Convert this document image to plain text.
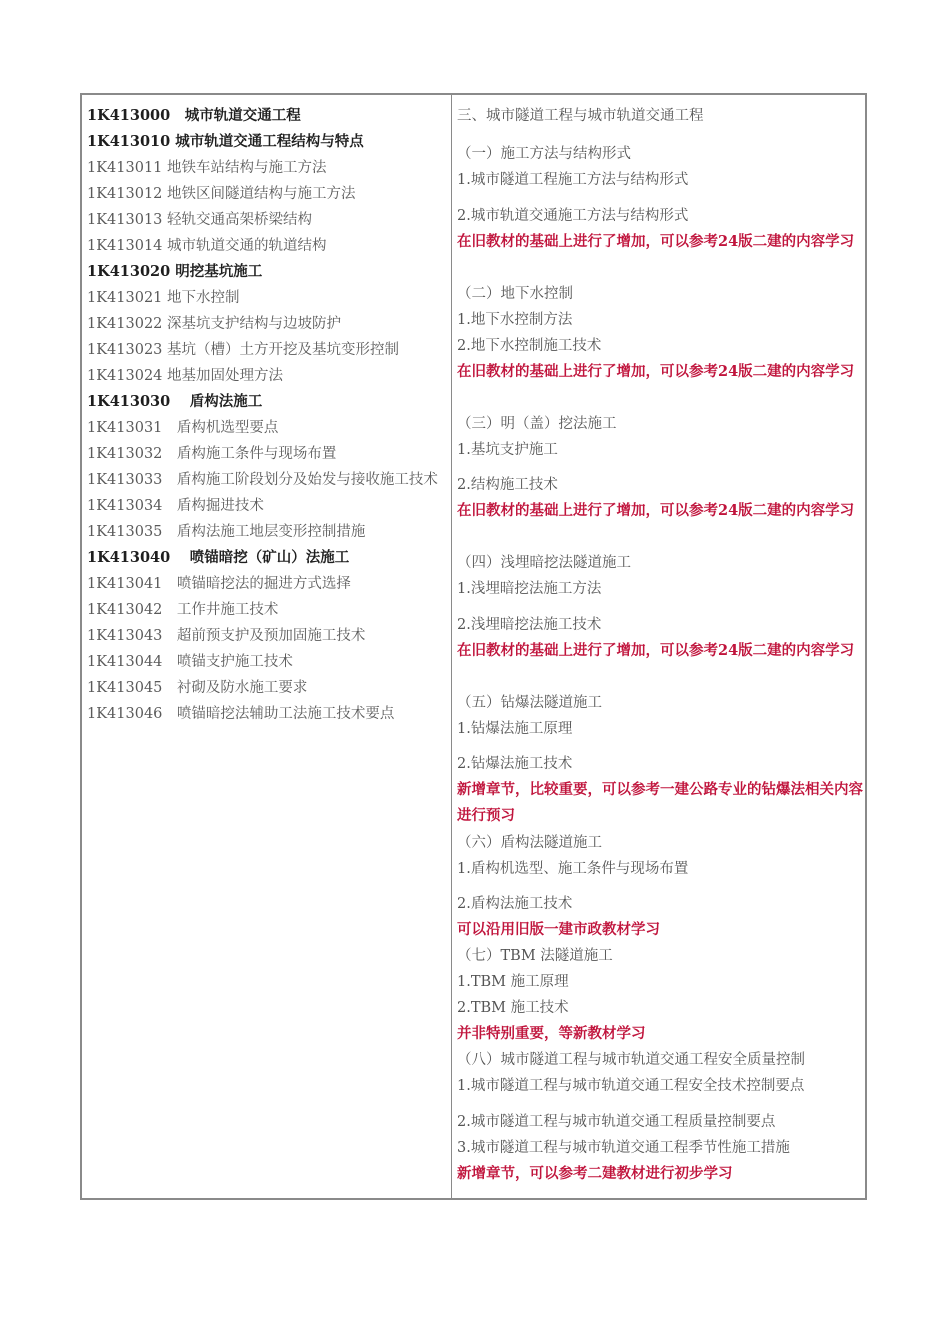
1K413000　城市轨道交通工程
1K413010 城市轨道交通工程结构与特点
1K413011 地铁车站结构与施工方法
1K413012 地铁区间隧道结构与施工方法
1K413013 轻轨交通高架桥梁结构
1K413014 城市轨道交通的轨道结构
1K413020 明挖基坑施工
1K413021 地下水控制
1K413022 深基坑支护结构与边坡防护
1K413023 基坑（槽）土方开挖及基坑变形控制
1K413024 地基加固处理方法
1K413030　 盾构法施工
1K413031　盾构机选型要点
1K413032　盾构施工条件与现场布置
1K413033　盾构施工阶段划分及始发与接收施工技术
1K413034　盾构掘进技术
1K413035　盾构法施工地层变形控制措施
1K413040　 喷锚暗挖（矿山）法施工
1K413041　喷锚暗挖法的掘进方式选择
1K413042　工作井施工技术
1K413043　超前预支护及预加固施工技术
1K413044　喷锚支护施工技术
1K413045　衬砌及防水施工要求
1K413046　喷锚暗挖法辅助工法施工技术要点
三、城市隧道工程与城市轨道交通工程
（一）施工方法与结构形式
1.城市隧道工程施工方法与结构形式
2.城市轨道交通施工方法与结构形式
在旧教材的基础上进行了增加，可以参考24版二建的内容学习
（二）地下水控制
1.地下水控制方法
2.地下水控制施工技术
在旧教材的基础上进行了增加，可以参考24版二建的内容学习
（三）明（盖）挖法施工
1.基坑支护施工
2.结构施工技术
在旧教材的基础上进行了增加，可以参考24版二建的内容学习
（四）浅埋暗挖法隧道施工
1.浅埋暗挖法施工方法
2.浅埋暗挖法施工技术
在旧教材的基础上进行了增加，可以参考24版二建的内容学习
（五）钻爆法隧道施工
1.钻爆法施工原理
2.钻爆法施工技术
新增章节，比较重要，可以参考一建公路专业的钻爆法相关内容进行预习
（六）盾构法隧道施工
1.盾构机选型、施工条件与现场布置
2.盾构法施工技术
可以沿用旧版一建市政教材学习
（七）TBM 法隧道施工
1.TBM 施工原理
2.TBM 施工技术
并非特别重要，等新教材学习
（八）城市隧道工程与城市轨道交通工程安全质量控制
1.城市隧道工程与城市轨道交通工程安全技术控制要点
2.城市隧道工程与城市轨道交通工程质量控制要点
3.城市隧道工程与城市轨道交通工程季节性施工措施
新增章节，可以参考二建教材进行初步学习
